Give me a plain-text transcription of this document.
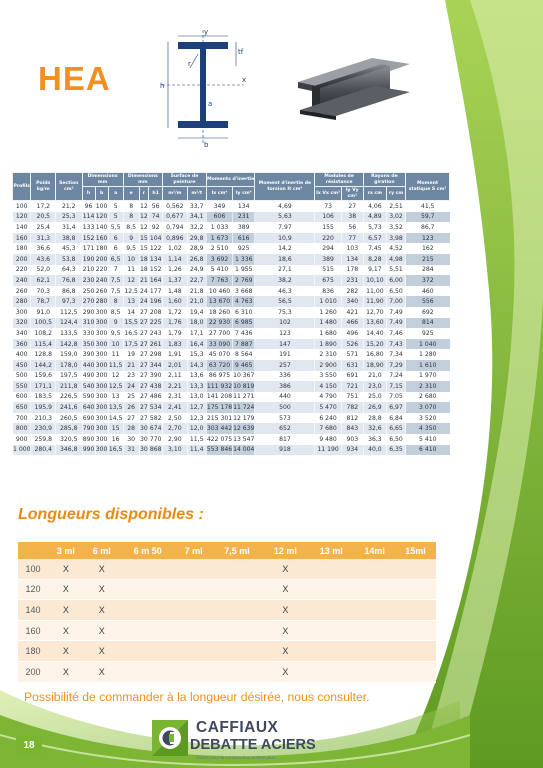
HEA
y
x
b
h
r
a
tf
Profils	Poids kg/m	Section cm²	Dimensions mm			Dimensions mm			Surface de peinture		Moments d'inertie		Moment d'inertie de torsion It cm⁴	Modules de résistance		Rayons de giration		Moment statique S cm³
			h	b	a	e	r	h1	m²/m	m²/t	Ix cm⁴	Iy cm⁴		Ix Vx cm³	Iy Vy cm³	rx cm	ry cm	
100	17,2	21,2	96	100	5	8	12	56	0,562	33,7	349	134	4,69	73	27	4,06	2,51	41,5
120	20,5	25,3	114	120	5	8	12	74	0,677	34,1	606	231	5,63	106	38	4,89	3,02	59,7
140	25,4	31,4	133	140	5,5	8,5	12	92	0,794	32,2	1 033	389	7,97	155	56	5,73	3,52	86,7
160	31,3	38,8	152	160	6	9	15	104	0,896	29,8	1 673	616	10,9	220	77	6,57	3,98	123
180	36,6	45,3	171	180	6	9,5	15	122	1,02	28,9	2 510	925	14,2	294	103	7,45	4,52	162
200	43,6	53,8	190	200	6,5	10	18	134	1,14	26,8	3 692	1 336	18,6	389	134	8,28	4,98	215
220	52,0	64,3	210	220	7	11	18	152	1,26	24,9	5 410	1 955	27,1	515	178	9,17	5,51	284
240	62,1	76,8	230	240	7,5	12	21	164	1,37	22,7	7 763	2 769	38,2	675	231	10,10	6,00	372
260	70,3	86,8	250	260	7,5	12,5	24	177	1,48	21,8	10 460	3 668	46,3	836	282	11,00	6,50	460
280	78,7	97,3	270	280	8	13	24	196	1,60	21,0	13 670	4 763	56,5	1 010	340	11,90	7,00	556
300	91,0	112,5	290	300	8,5	14	27	208	1,72	19,4	18 260	6 310	75,3	1 260	421	12,70	7,49	692
320	100,5	124,4	310	300	9	15,5	27	225	1,76	18,0	22 930	6 985	102	1 480	466	13,60	7,49	814
340	108,2	133,5	330	300	9,5	16,5	27	243	1,79	17,1	27 700	7 436	123	1 680	496	14,40	7,46	925
360	115,4	142,8	350	300	10	17,5	27	261	1,83	16,4	33 090	7 887	147	1 890	526	15,20	7,43	1 040
400	128,8	159,0	390	300	11	19	27	298	1,91	15,3	45 070	8 564	191	2 310	571	16,80	7,34	1 280
450	144,2	178,0	440	300	11,5	21	27	344	2,01	14,3	63 720	9 465	257	2 900	631	18,90	7,29	1 610
500	159,6	197,5	490	300	12	23	27	390	2,11	13,6	86 975	10 367	336	3 550	691	21,0	7,24	1 970
550	171,1	211,8	540	300	12,5	24	27	438	2,21	13,3	111 932	10 819	386	4 150	721	23,0	7,15	2 310
600	183,5	226,5	590	300	13	25	27	486	2,31	13,0	141 208	11 271	440	4 790	751	25,0	7,05	2 680
650	195,9	241,6	640	300	13,5	26	27	534	2,41	12,7	175 178	11 724	500	5 470	782	26,9	6,97	3 070
700	210,3	260,5	690	300	14,5	27	27	582	2,50	12,3	215 301	12 179	573	6 240	812	28,8	6,84	3 520
800	230,9	285,8	790	300	15	28	30	674	2,70	12,0	303 442	12 639	652	7 680	843	32,6	6,65	4 350
900	259,8	320,5	890	300	16	30	30	770	2,90	11,5	422 075	13 547	817	9 480	903	36,3	6,50	5 410
1 000	280,4	346,8	990	300	16,5	31	30	868	3,10	11,4	553 846	14 004	918	11 190	934	40,0	6,35	6 410
Longueurs disponibles :
	3 ml	6 ml	6 m 50	7 ml	7,5 ml	12 ml	13 ml	14ml	15ml
100	X	X				X			
120	X	X				X			
140	X	X				X			
160	X	X				X			
180	X	X				X			
200	X	X				X			
Possibilité de commander à la longueur désirée, nous consulter.
18
CAFFIAUX
DEBATTE ACIERS
Aciers pour la construction et bien plus...
